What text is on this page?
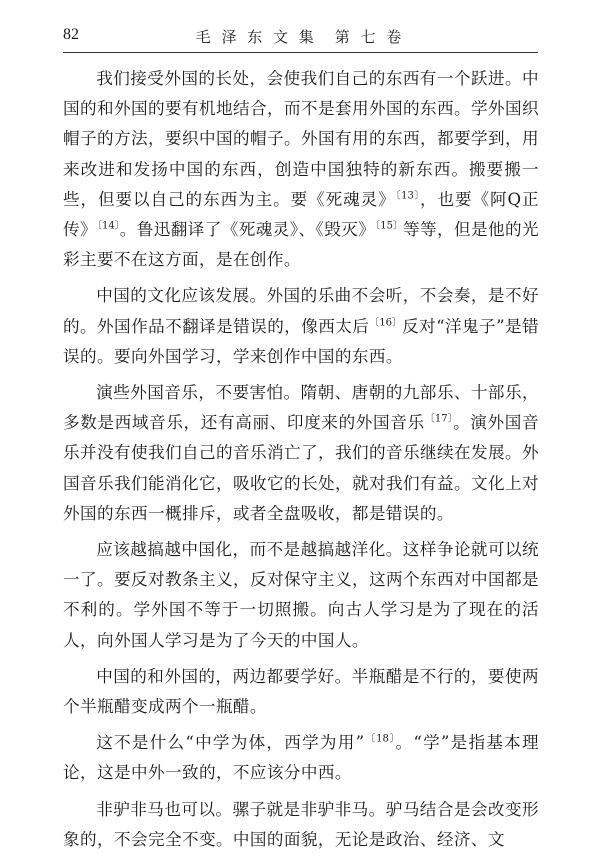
82	毛 泽 东 文 集　第 七 卷

我们接受外国的长处，会使我们自己的东西有一个跃进。中国的和外国的要有机地结合，而不是套用外国的东西。学外国织帽子的方法，要织中国的帽子。外国有用的东西，都要学到，用来改进和发扬中国的东西，创造中国独特的新东西。搬要搬一些，但要以自己的东西为主。要《死魂灵》$^{〔13〕}$，也要《阿Q正传》$^{〔14〕}$。鲁迅翻译了《死魂灵》、《毁灭》$^{〔15〕}$等等，但是他的光彩主要不在这方面，是在创作。

中国的文化应该发展。外国的乐曲不会听，不会奏，是不好的。外国作品不翻译是错误的，像西太后$^{〔16〕}$反对“洋鬼子”是错误的。要向外国学习，学来创作中国的东西。

演些外国音乐，不要害怕。隋朝、唐朝的九部乐、十部乐，多数是西域音乐，还有高丽、印度来的外国音乐$^{〔17〕}$。演外国音乐并没有使我们自己的音乐消亡了，我们的音乐继续在发展。外国音乐我们能消化它，吸收它的长处，就对我们有益。文化上对外国的东西一概排斥，或者全盘吸收，都是错误的。

应该越搞越中国化，而不是越搞越洋化。这样争论就可以统一了。要反对教条主义，反对保守主义，这两个东西对中国都是不利的。学外国不等于一切照搬。向古人学习是为了现在的活人，向外国人学习是为了今天的中国人。

中国的和外国的，两边都要学好。半瓶醋是不行的，要使两个半瓶醋变成两个一瓶醋。

这不是什么“中学为体，西学为用”$^{〔18〕}$。“学”是指基本理论，这是中外一致的，不应该分中西。

非驴非马也可以。骡子就是非驴非马。驴马结合是会改变形象的，不会完全不变。中国的面貌，无论是政治、经济、文
